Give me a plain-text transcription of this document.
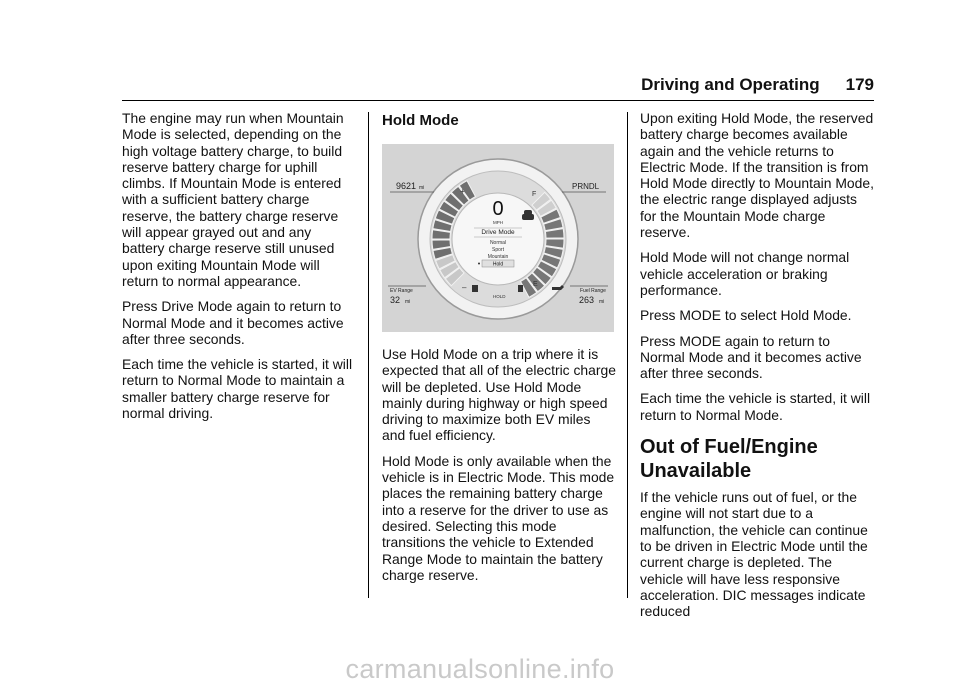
Driving and Operating 179

The engine may run when Mountain Mode is selected, depending on the high voltage battery charge, to build reserve battery charge for uphill climbs. If Mountain Mode is entered with a sufficient battery charge reserve, the battery charge reserve will appear grayed out and any battery charge reserve still unused upon exiting Mountain Mode will return to normal appearance.

Press Drive Mode again to return to Normal Mode and it becomes active after three seconds.

Each time the vehicle is started, it will return to Normal Mode to maintain a smaller battery charge reserve for normal driving.

Hold Mode
9621 mi	PRNDL
+	F
–	E
0
MPH
Drive Mode
Normal
Sport
Mountain
Hold
HOLD
EV Range
32 mi
Fuel Range
263 mi

Use Hold Mode on a trip where it is expected that all of the electric charge will be depleted. Use Hold Mode mainly during highway or high speed driving to maximize both EV miles and fuel efficiency.

Hold Mode is only available when the vehicle is in Electric Mode. This mode places the remaining battery charge into a reserve for the driver to use as desired. Selecting this mode transitions the vehicle to Extended Range Mode to maintain the battery charge reserve.

Upon exiting Hold Mode, the reserved battery charge becomes available again and the vehicle returns to Electric Mode. If the transition is from Hold Mode directly to Mountain Mode, the electric range displayed adjusts for the Mountain Mode charge reserve.

Hold Mode will not change normal vehicle acceleration or braking performance.

Press MODE to select Hold Mode.

Press MODE again to return to Normal Mode and it becomes active after three seconds.

Each time the vehicle is started, it will return to Normal Mode.

Out of Fuel/Engine Unavailable

If the vehicle runs out of fuel, or the engine will not start due to a malfunction, the vehicle can continue to be driven in Electric Mode until the current charge is depleted. The vehicle will have less responsive acceleration. DIC messages indicate reduced

carmanualsonline.info
